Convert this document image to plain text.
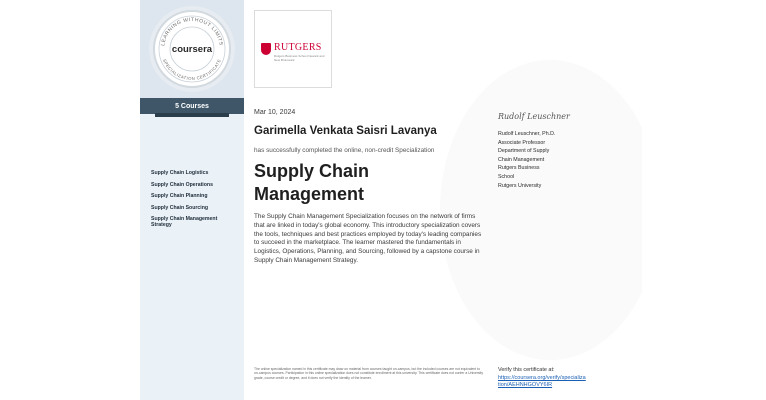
LEARNING WITHOUT LIMITS
SPECIALIZATION CERTIFICATE
coursera
5 Courses
Supply Chain Logistics
Supply Chain Operations
Supply Chain Planning
Supply Chain Sourcing
Supply Chain Management Strategy
RUTGERS
Rutgers Business School Newark and New Brunswick
Mar 10, 2024
Garimella Venkata Saisri Lavanya
has successfully completed the online, non-credit Specialization
Supply Chain Management
The Supply Chain Management Specialization focuses on the network of firms that are linked in today's global economy. This introductory specialization covers the tools, techniques and best practices employed by today's leading companies to succeed in the marketplace. The learner mastered the fundamentals in Logistics, Operations, Planning, and Sourcing, followed by a capstone course in Supply Chain Management Strategy.
The online specialization named in this certificate may draw on material from courses taught on-campus, but the included courses are not equivalent to on-campus courses. Participation in this online specialization does not constitute enrollment at this university. This certificate does not confer a University grade, course credit or degree, and it does not verify the identity of the learner.
Rudolf Leuschner
Rudolf Leuschner, Ph.D.
Associate Professor
Department of Supply
Chain Management
Rutgers Business
School
Rutgers University
Verify this certificate at:
https://coursera.org/verify/specialization/AEHNHGOVY6IR
